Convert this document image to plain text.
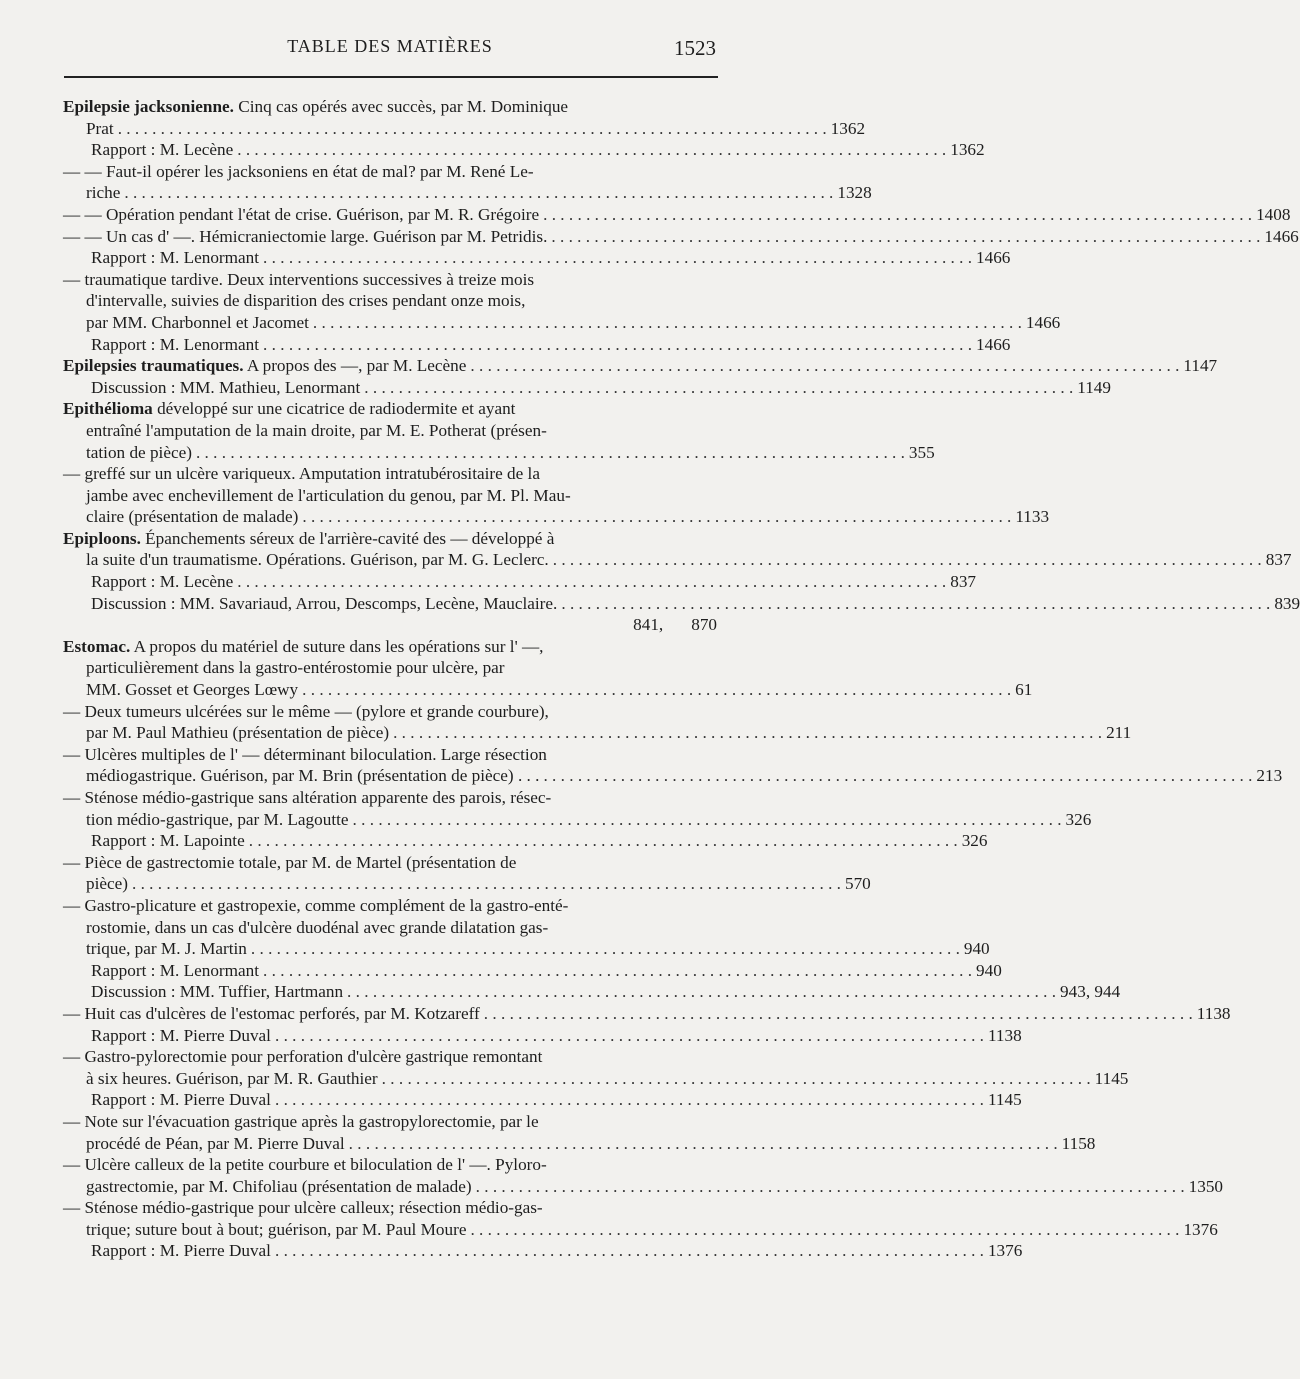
TABLE DES MATIÈRES	1523
Epilepsie jacksonienne. Cinq cas opérés avec succès, par M. Dominique
Prat . . .	1362
Rapport : M. Lecène . . .	1362
— — Faut-il opérer les jacksoniens en état de mal? par M. René Le-
riche . . .	1328
— — Opération pendant l'état de crise. Guérison, par M. R. Grégoire . . .	1408
— — Un cas d' —. Hémicraniectomie large. Guérison par M. Petridis. . . .	1466
Rapport : M. Lenormant . . .	1466
— traumatique tardive. Deux interventions successives à treize mois
d'intervalle, suivies de disparition des crises pendant onze mois,
par MM. Charbonnel et Jacomet . . .	1466
Rapport : M. Lenormant . . .	1466
Epilepsies traumatiques. A propos des —, par M. Lecène . . .	1147
Discussion : MM. Mathieu, Lenormant . . .	1149
Epithélioma développé sur une cicatrice de radiodermite et ayant
entraîné l'amputation de la main droite, par M. E. Potherat (présen-
tation de pièce) . . .	355
— greffé sur un ulcère variqueux. Amputation intratubérositaire de la
jambe avec enchevillement de l'articulation du genou, par M. Pl. Mau-
claire (présentation de malade) . . .	1133
Epiploons. Épanchements séreux de l'arrière-cavité des — développé à
la suite d'un traumatisme. Opérations. Guérison, par M. G. Leclerc. . . .	837
Rapport : M. Lecène . . .	837
Discussion : MM. Savariaud, Arrou, Descomps, Lecène, Mauclaire. . . .	839
841, 870
Estomac. A propos du matériel de suture dans les opérations sur l' —,
particulièrement dans la gastro-entérostomie pour ulcère, par
MM. Gosset et Georges Lœwy . . .	61
— Deux tumeurs ulcérées sur le même — (pylore et grande courbure),
par M. Paul Mathieu (présentation de pièce) . . .	211
— Ulcères multiples de l' — déterminant biloculation. Large résection
médiogastrique. Guérison, par M. Brin (présentation de pièce) . . . . . .	213
— Sténose médio-gastrique sans altération apparente des parois, résec-
tion médio-gastrique, par M. Lagoutte . . .	326
Rapport : M. Lapointe . . .	326
— Pièce de gastrectomie totale, par M. de Martel (présentation de
pièce) . . .	570
— Gastro-plicature et gastropexie, comme complément de la gastro-enté-
rostomie, dans un cas d'ulcère duodénal avec grande dilatation gas-
trique, par M. J. Martin . . .	940
Rapport : M. Lenormant . . .	940
Discussion : MM. Tuffier, Hartmann . . .	943, 944
— Huit cas d'ulcères de l'estomac perforés, par M. Kotzareff . . .	1138
Rapport : M. Pierre Duval . . .	1138
— Gastro-pylorectomie pour perforation d'ulcère gastrique remontant
à six heures. Guérison, par M. R. Gauthier . . .	1145
Rapport : M. Pierre Duval . . .	1145
— Note sur l'évacuation gastrique après la gastropylorectomie, par le
procédé de Péan, par M. Pierre Duval . . .	1158
— Ulcère calleux de la petite courbure et biloculation de l' —. Pyloro-
gastrectomie, par M. Chifoliau (présentation de malade) . . .	1350
— Sténose médio-gastrique pour ulcère calleux; résection médio-gas-
trique; suture bout à bout; guérison, par M. Paul Moure . . .	1376
Rapport : M. Pierre Duval . . .	1376
